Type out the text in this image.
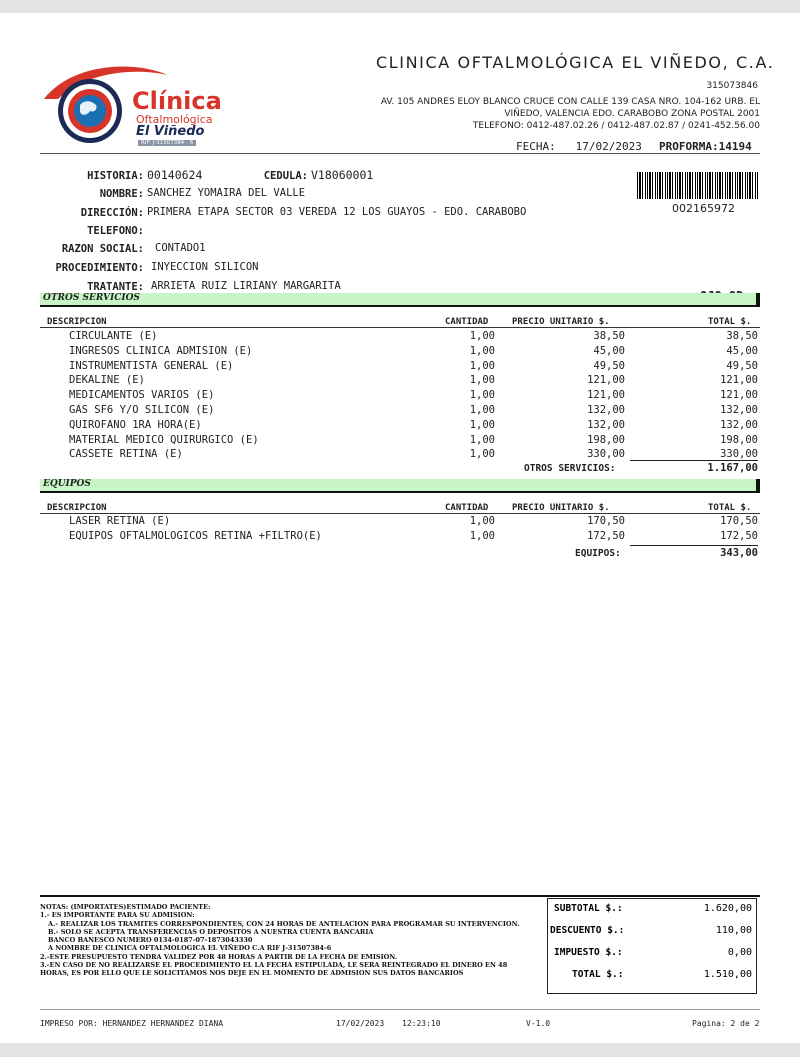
Clínica
Oftalmológica
El Viñedo
RIF: J-31507384 - 6
CLINICA OFTALMOLÓGICA EL VIÑEDO, C.A.
315073846
AV. 105 ANDRES ELOY BLANCO CRUCE CON CALLE 139 CASA NRO. 104-162 URB. EL
VIÑEDO, VALENCIA EDO. CARABOBO ZONA POSTAL 2001
TELEFONO: 0412-487.02.26 / 0412-487.02.87 / 0241-452.56.00
FECHA: 17/02/2023 PROFORMA:14194
HISTORIA: 00140624	CEDULA: V18060001
NOMBRE: SANCHEZ YOMAIRA DEL VALLE
DIRECCIÓN: PRIMERA ETAPA SECTOR 03 VEREDA 12 LOS GUAYOS - EDO. CARABOBO
TELEFONO:
RAZON SOCIAL: CONTADO1
PROCEDIMIENTO: INYECCION SILICON
TRATANTE: ARRIETA RUIZ LIRIANY MARGARITA
002165972
OTROS SERVICIOS
DESCRIPCION	CANTIDAD	PRECIO UNITARIO $.	TOTAL $.
CIRCULANTE (E)	1,00	38,50	38,50
INGRESOS CLINICA ADMISION (E)	1,00	45,00	45,00
INSTRUMENTISTA GENERAL (E)	1,00	49,50	49,50
DEKALINE (E)	1,00	121,00	121,00
MEDICAMENTOS VARIOS (E)	1,00	121,00	121,00
GAS SF6 Y/O SILICON (E)	1,00	132,00	132,00
QUIROFANO 1RA HORA(E)	1,00	132,00	132,00
MATERIAL MEDICO QUIRURGICO (E)	1,00	198,00	198,00
CASSETE RETINA (E)	1,00	330,00	330,00
OTROS SERVICIOS:	1.167,00
EQUIPOS
DESCRIPCION	CANTIDAD	PRECIO UNITARIO $.	TOTAL $.
LASER RETINA (E)	1,00	170,50	170,50
EQUIPOS OFTALMOLOGICOS RETINA +FILTRO(E)	1,00	172,50	172,50
EQUIPOS:	343,00
NOTAS: (IMPORTATES)ESTIMADO PACIENTE:
1.- ES IMPORTANTE PARA SU ADMISION:
A.- REALIZAR LOS TRAMITES CORRESPONDIENTES, CON 24 HORAS DE ANTELACION PARA PROGRAMAR SU INTERVENCION.
B.- SOLO SE ACEPTA TRANSFERENCIAS O DEPOSITOS A NUESTRA CUENTA BANCARIA
BANCO BANESCO NUMERO 0134-0187-07-1873043330
A NOMBRE DE CLINICA OFTALMOLOGICA EL VIÑEDO C.A RIF J-31507384-6
2.-ESTE PRESUPUESTO TENDRA VALIDEZ POR 48 HORAS A PARTIR DE LA FECHA DE EMISION.
3.-EN CASO DE NO REALIZARSE EL PROCEDIMIENTO EL LA FECHA ESTIPULADA, LE SERA REINTEGRADO EL DINERO EN 48
HORAS, ES POR ELLO QUE LE SOLICITAMOS NOS DEJE EN EL MOMENTO DE ADMISION SUS DATOS BANCARIOS
SUBTOTAL $.:	1.620,00
DESCUENTO $.:	110,00
IMPUESTO $.:	0,00
TOTAL $.:	1.510,00
IMPRESO POR: HERNANDEZ HERNANDEZ DIANA	17/02/2023 12:23:10	V-1.0	Pagina: 2 de 2
